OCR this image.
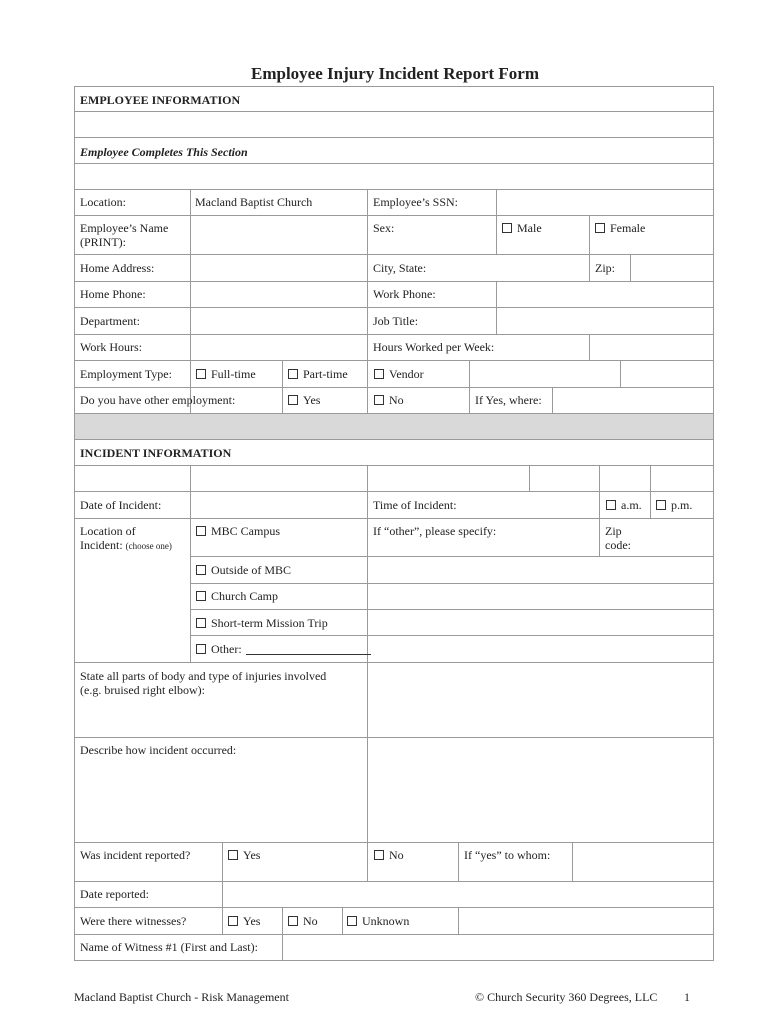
Employee Injury Incident Report Form
EMPLOYEE INFORMATION
Employee Completes This Section
INCIDENT INFORMATION
Location:	Macland Baptist Church	Employee’s SSN:
Employee’s Name
(PRINT):
Sex:	Male	Female
Home Address:	City, State:	Zip:
Home Phone:	Work Phone:
Department:	Job Title:
Work Hours:	Hours Worked per Week:
Employment Type:	Full-time	Part-time	Vendor
Do you have other employment:	Yes	No	If Yes, where:
Date of Incident:	Time of Incident:	a.m.	p.m.
Location of
Incident: (choose one)
MBC Campus	If “other”, please specify:	Zip
code:
Outside of MBC
Church Camp
Short-term Mission Trip
Other:
State all parts of body and type of injuries involved
(e.g. bruised right elbow):
Describe how incident occurred:
Was incident reported?	Yes	No	If “yes” to whom:
Date reported:
Were there witnesses?	Yes	No	Unknown
Name of Witness #1 (First and Last):
Macland Baptist Church - Risk Management	© Church Security 360 Degrees, LLC 1
